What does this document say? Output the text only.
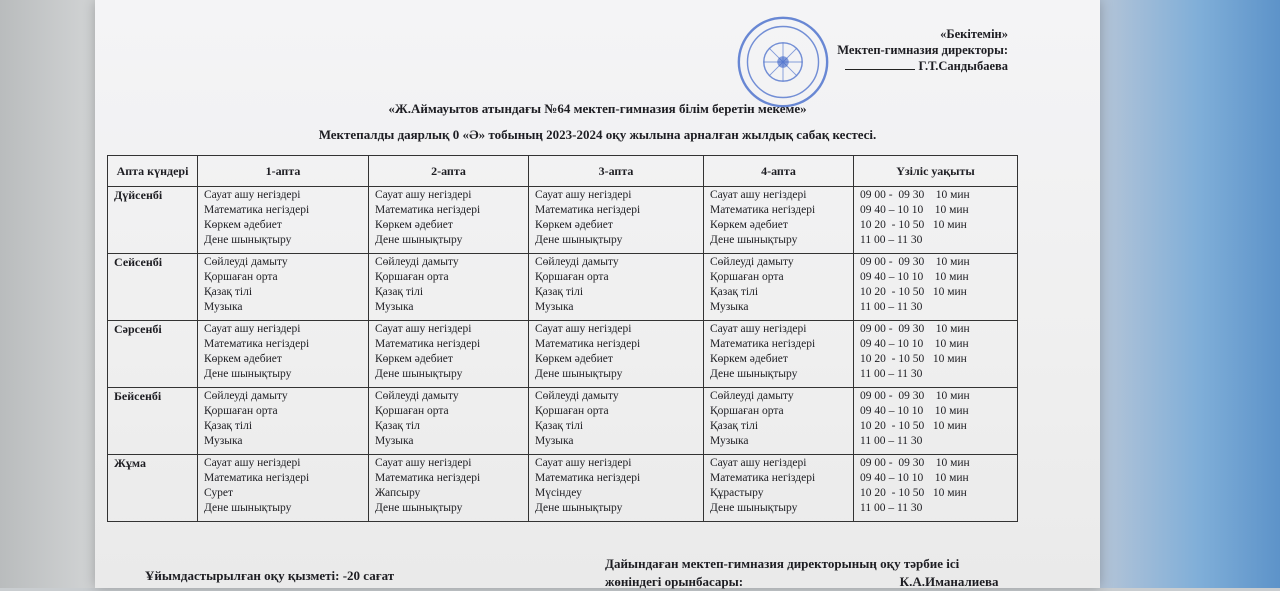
«Бекітемін»
Мектеп-гимназия директоры:
Г.Т.Сандыбаева
«Ж.Аймауытов атындағы №64 мектеп-гимназия білім беретін мекеме»
Мектепалды даярлық 0 «Ә» тобының 2023-2024 оқу жылына арналған жылдық сабақ кестесі.
Апта күндері	1-апта	2-апта	3-апта	4-апта	Үзіліс уақыты
Дүйсенбі	Сауат ашу негіздері
Математика негіздері
Көркем әдебиет
Дене шынықтыру	Сауат ашу негіздері
Математика негіздері
Көркем әдебиет
Дене шынықтыру	Сауат ашу негіздері
Математика негіздері
Көркем әдебиет
Дене шынықтыру	Сауат ашу негіздері
Математика негіздері
Көркем әдебиет
Дене шынықтыру	09 00 -  09 30    10 мин
09 40 – 10 10    10 мин
10 20  - 10 50   10 мин
11 00 – 11 30

Сейсенбі	Сөйлеуді дамыту
Қоршаған орта
Қазақ тілі
Музыка	Сөйлеуді дамыту
Қоршаған орта
Қазақ тілі
Музыка	Сөйлеуді дамыту
Қоршаған орта
Қазақ тілі
Музыка	Сөйлеуді дамыту
Қоршаған орта
Қазақ тілі
Музыка	09 00 -  09 30    10 мин
09 40 – 10 10    10 мин
10 20  - 10 50   10 мин
11 00 – 11 30

Сәрсенбі	Сауат ашу негіздері
Математика негіздері
Көркем әдебиет
Дене шынықтыру	Сауат ашу негіздері
Математика негіздері
Көркем әдебиет
Дене шынықтыру	Сауат ашу негіздері
Математика негіздері
Көркем әдебиет
Дене шынықтыру	Сауат ашу негіздері
Математика негіздері
Көркем әдебиет
Дене шынықтыру	09 00 -  09 30    10 мин
09 40 – 10 10    10 мин
10 20  - 10 50   10 мин
11 00 – 11 30

Бейсенбі	Сөйлеуді дамыту
Қоршаған орта
Қазақ тілі
Музыка	Сөйлеуді дамыту
Қоршаған орта
Қазақ тіл
Музыка	Сөйлеуді дамыту
Қоршаған орта
Қазақ тілі
Музыка	Сөйлеуді дамыту
Қоршаған орта
Қазақ тілі
Музыка	09 00 -  09 30    10 мин
09 40 – 10 10    10 мин
10 20  - 10 50   10 мин
11 00 – 11 30

Жұма	Сауат ашу негіздері
Математика негіздері
Сурет
Дене шынықтыру	Сауат ашу негіздері
Математика негіздері
Жапсыру
Дене шынықтыру	Сауат ашу негіздері
Математика негіздері
Мүсіндеу
Дене шынықтыру	Сауат ашу негіздері
Математика негіздері
Құрастыру
Дене шынықтыру	09 00 -  09 30    10 мин
09 40 – 10 10    10 мин
10 20  - 10 50   10 мин
11 00 – 11 30
Ұйымдастырылған оқу қызметі: -20 сағат
Дайындаған мектеп-гимназия директорының оқу тәрбие ісі
жөніндегі орынбасары:	К.А.Иманалиева
